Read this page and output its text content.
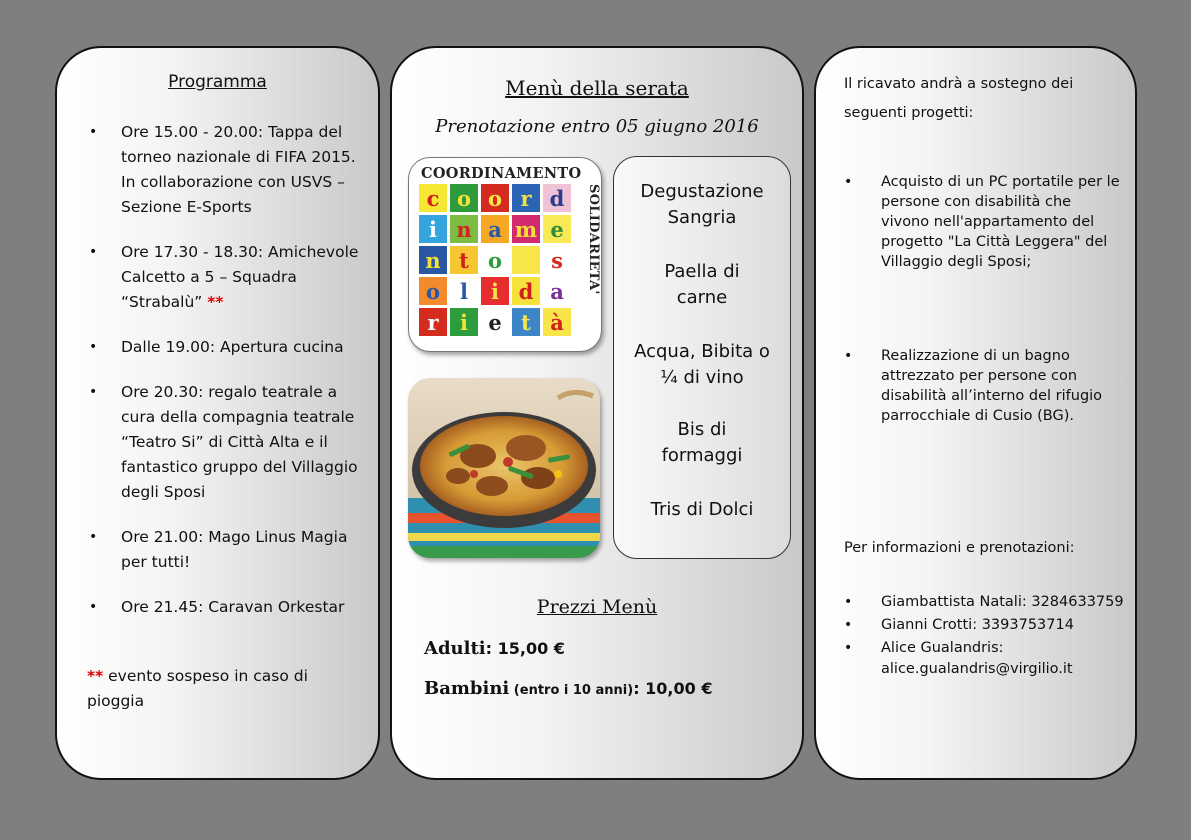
Programma
• Ore 15.00 - 20.00: Tappa del torneo nazionale di FIFA 2015. In collaborazione con USVS – Sezione E-Sports
• Ore 17.30 - 18.30: Amichevole Calcetto a 5 – Squadra “Strabalù” **
• Dalle 19.00: Apertura cucina
• Ore 20.30: regalo teatrale a cura della compagnia teatrale “Teatro Si” di Città Alta e il fantastico gruppo del Villaggio degli Sposi
• Ore 21.00: Mago Linus Magia per tutti!
• Ore 21.45: Caravan Orkestar
** evento sospeso in caso di pioggia
Menù della serata
Prenotazione entro 05 giugno 2016
COORDINAMENTO
SOLIDARIETA'
c o o r d
i n a m e
n t o	s
o l	i d a
r	i e t à
Degustazione Sangria
Paella di carne
Acqua, Bibita o ¼ di vino
Bis di formaggi
Tris di Dolci
Prezzi Menù
Adulti: 15,00 €
Bambini (entro i 10 anni): 10,00 €
Il ricavato andrà a sostegno dei seguenti progetti:
• Acquisto di un PC portatile per le persone con disabilità che vivono nell'appartamento del progetto "La Città Leggera" del Villaggio degli Sposi;
• Realizzazione di un bagno attrezzato per persone con disabilità all’interno del rifugio parrocchiale di Cusio (BG).
Per informazioni e prenotazioni:
• Giambattista Natali: 3284633759
• Gianni Crotti: 3393753714
• Alice Gualandris: alice.gualandris@virgilio.it
